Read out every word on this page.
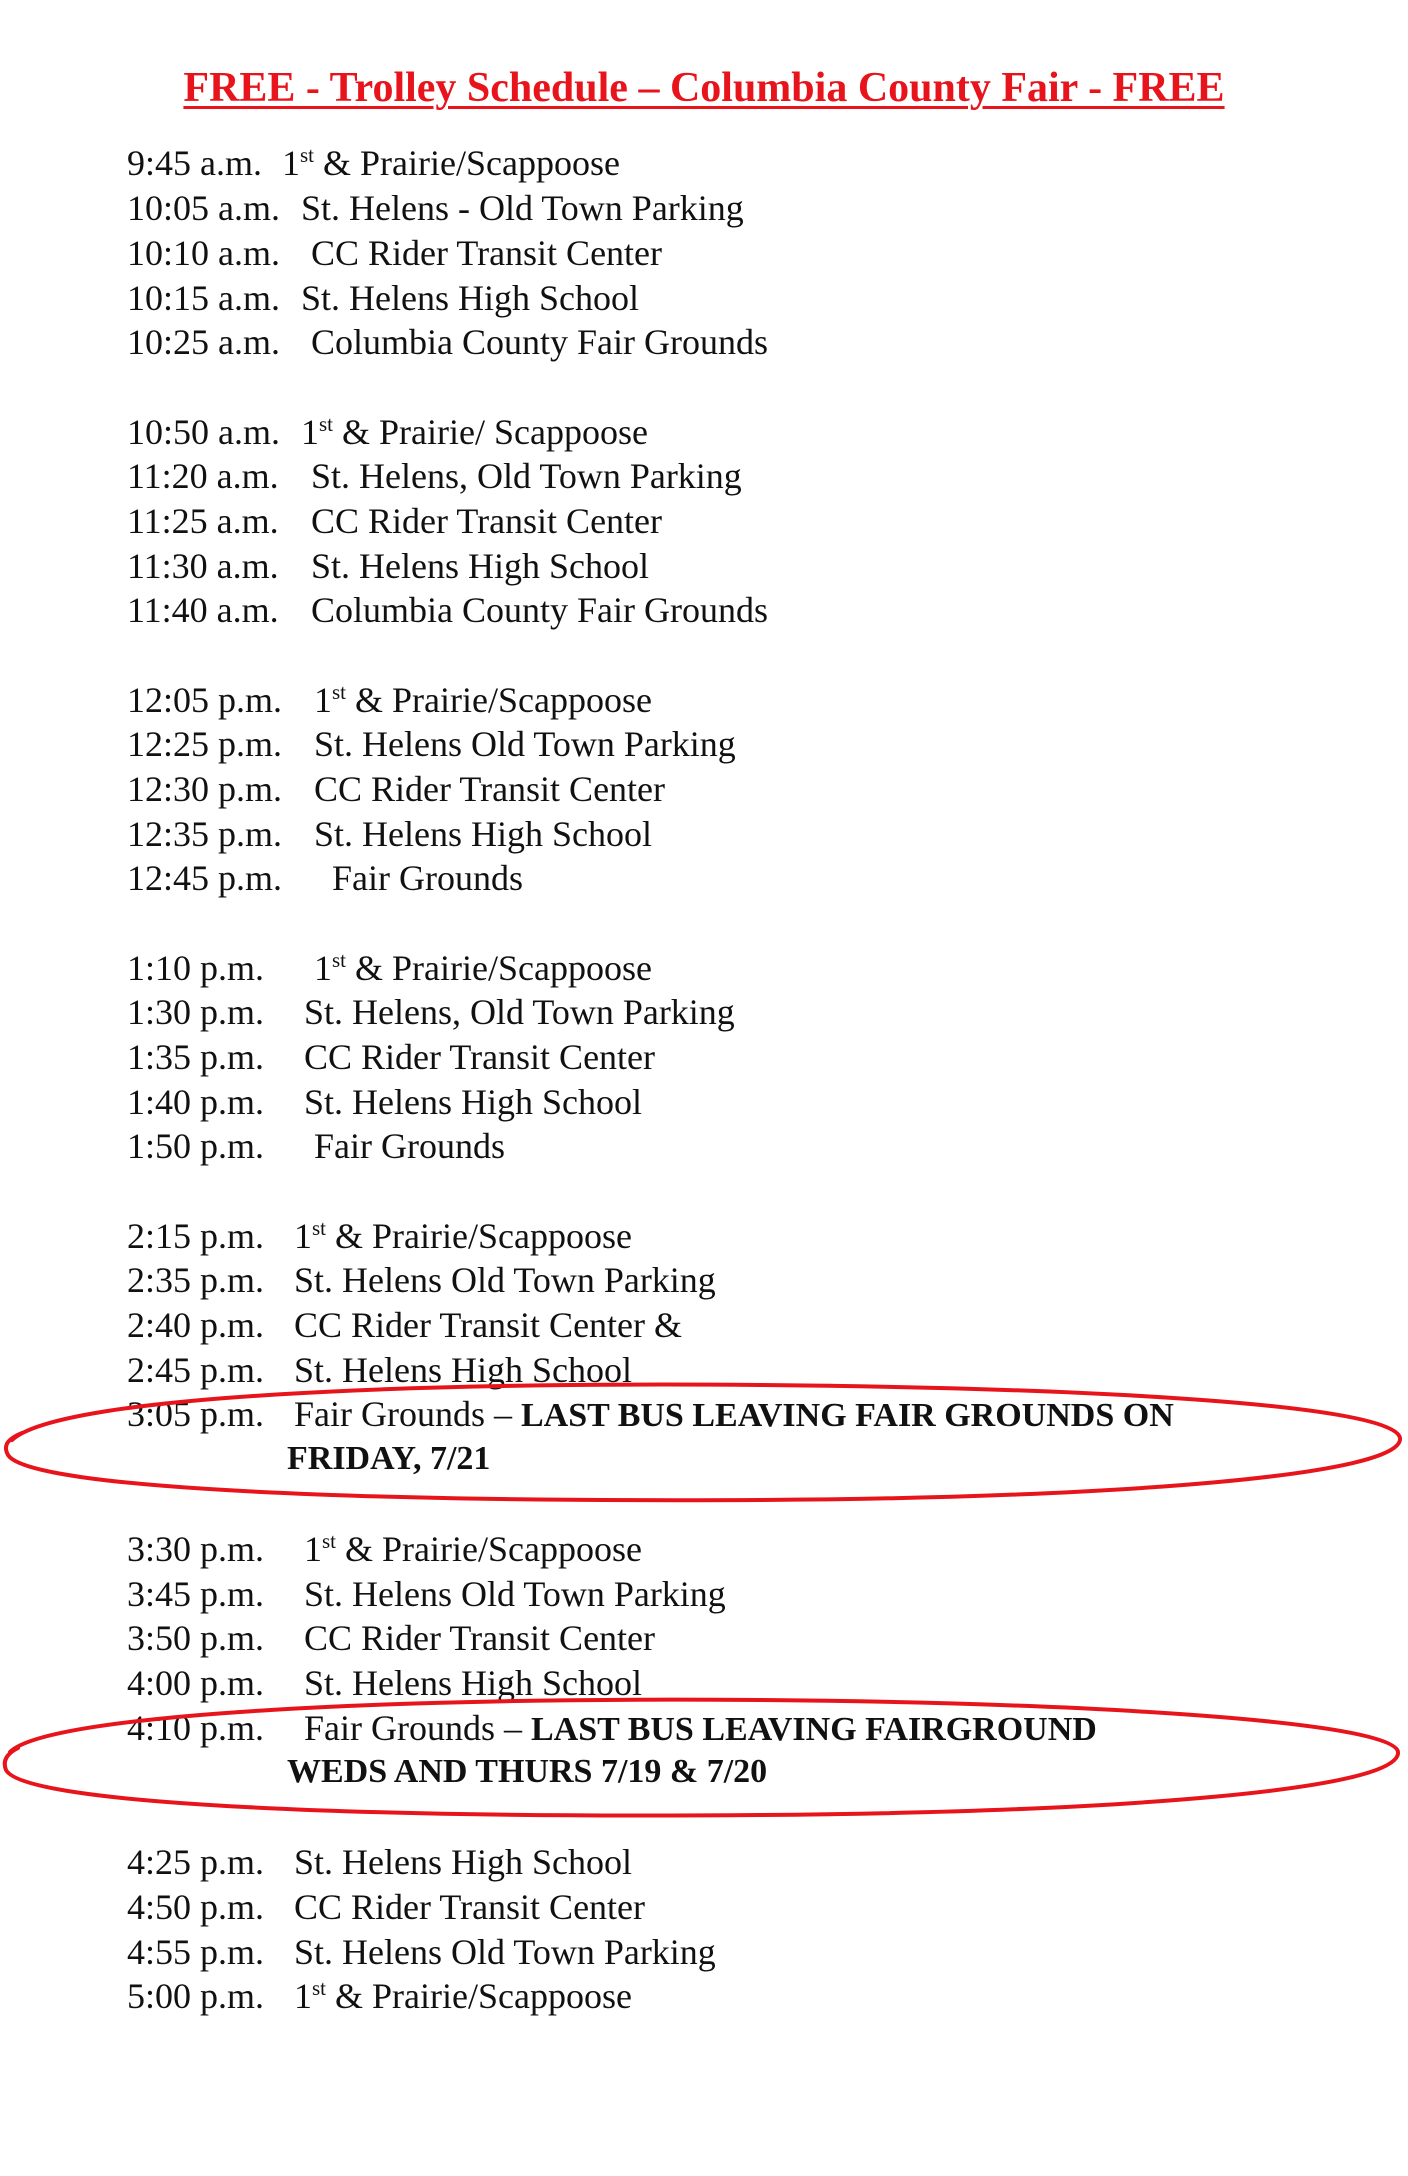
FREE - Trolley Schedule – Columbia County Fair - FREE
9:45 a.m. 1st & Prairie/Scappoose
10:05 a.m. St. Helens - Old Town Parking
10:10 a.m. CC Rider Transit Center
10:15 a.m. St. Helens High School
10:25 a.m. Columbia County Fair Grounds
10:50 a.m. 1st & Prairie/ Scappoose
11:20 a.m. St. Helens, Old Town Parking
11:25 a.m. CC Rider Transit Center
11:30 a.m. St. Helens High School
11:40 a.m. Columbia County Fair Grounds
12:05 p.m. 1st & Prairie/Scappoose
12:25 p.m. St. Helens Old Town Parking
12:30 p.m. CC Rider Transit Center
12:35 p.m. St. Helens High School
12:45 p.m. Fair Grounds
1:10 p.m. 1st & Prairie/Scappoose
1:30 p.m. St. Helens, Old Town Parking
1:35 p.m. CC Rider Transit Center
1:40 p.m. St. Helens High School
1:50 p.m. Fair Grounds
2:15 p.m. 1st & Prairie/Scappoose
2:35 p.m. St. Helens Old Town Parking
2:40 p.m. CC Rider Transit Center &
2:45 p.m. St. Helens High School
3:05 p.m. Fair Grounds – LAST BUS LEAVING FAIR GROUNDS ON
FRIDAY, 7/21
3:30 p.m. 1st & Prairie/Scappoose
3:45 p.m. St. Helens Old Town Parking
3:50 p.m. CC Rider Transit Center
4:00 p.m. St. Helens High School
4:10 p.m. Fair Grounds – LAST BUS LEAVING FAIRGROUND
WEDS AND THURS 7/19 & 7/20
4:25 p.m. St. Helens High School
4:50 p.m. CC Rider Transit Center
4:55 p.m. St. Helens Old Town Parking
5:00 p.m. 1st & Prairie/Scappoose
